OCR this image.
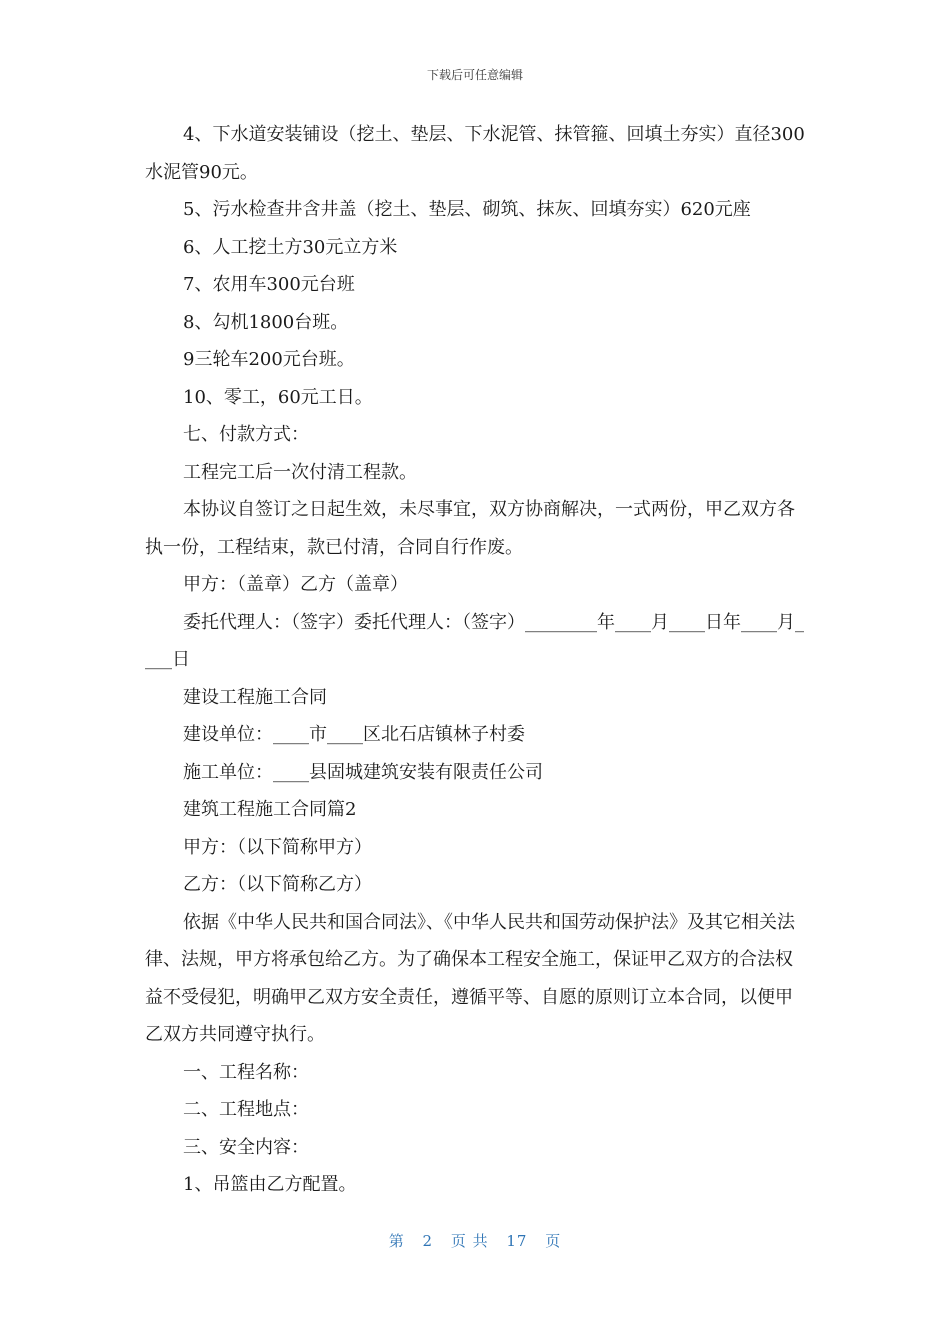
下载后可任意编辑

4、下水道安装铺设（挖土、垫层、下水泥管、抹管箍、回填土夯实）直径300水泥管90元。

5、污水检查井含井盖（挖土、垫层、砌筑、抹灰、回填夯实）620元座

6、人工挖土方30元立方米

7、农用车300元台班

8、勾机1800台班。

9三轮车200元台班。

10、零工，60元工日。

七、付款方式：

工程完工后一次付清工程款。

本协议自签订之日起生效，未尽事宜，双方协商解决，一式两份，甲乙双方各执一份，工程结束，款已付清，合同自行作废。

甲方：（盖章）乙方（盖章）

委托代理人：（签字）委托代理人：（签字）________年____月____日年____月____日

建设工程施工合同

建设单位：____市____区北石店镇林子村委

施工单位：____县固城建筑安装有限责任公司

建筑工程施工合同篇2

甲方：（以下简称甲方）

乙方：（以下简称乙方）

依据《中华人民共和国合同法》、《中华人民共和国劳动保护法》及其它相关法律、法规，甲方将承包给乙方。为了确保本工程安全施工，保证甲乙双方的合法权益不受侵犯，明确甲乙双方安全责任，遵循平等、自愿的原则订立本合同，以便甲乙双方共同遵守执行。

一、工程名称：

二、工程地点：

三、安全内容：

1、吊篮由乙方配置。

第 2 页 共 17 页
